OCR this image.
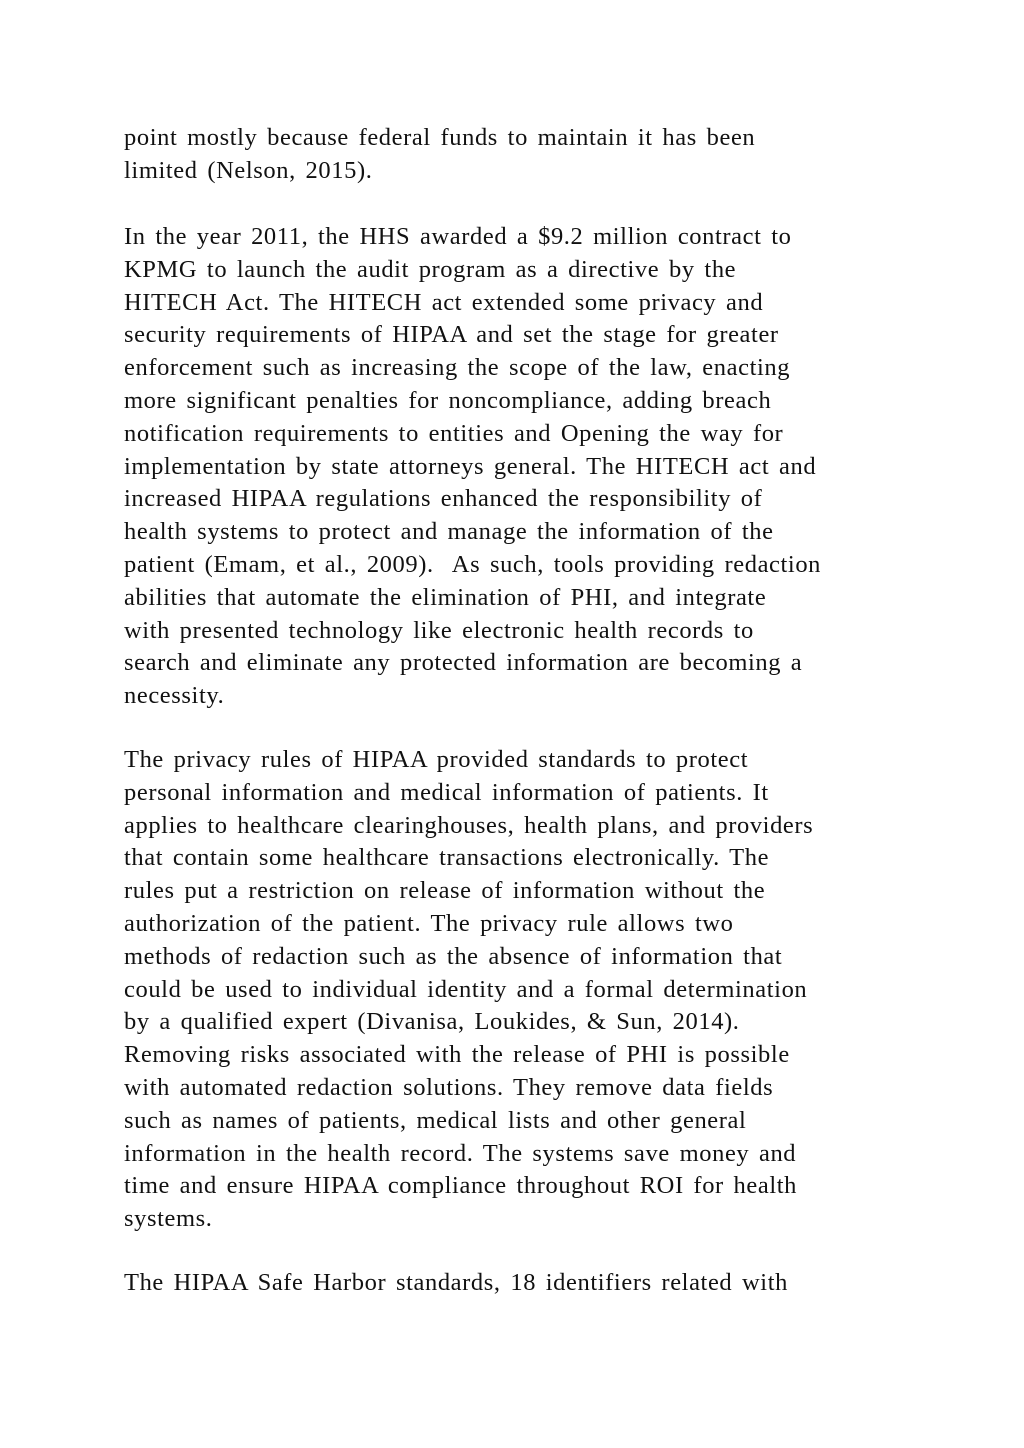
point mostly because federal funds to maintain it has been
limited (Nelson, 2015).
In the year 2011, the HHS awarded a $9.2 million contract to
KPMG to launch the audit program as a directive by the
HITECH Act. The HITECH act extended some privacy and
security requirements of HIPAA and set the stage for greater
enforcement such as increasing the scope of the law, enacting
more significant penalties for noncompliance, adding breach
notification requirements to entities and Opening the way for
implementation by state attorneys general. The HITECH act and
increased HIPAA regulations enhanced the responsibility of
health systems to protect and manage the information of the
patient (Emam, et al., 2009).  As such, tools providing redaction
abilities that automate the elimination of PHI, and integrate
with presented technology like electronic health records to
search and eliminate any protected information are becoming a
necessity.
The privacy rules of HIPAA provided standards to protect
personal information and medical information of patients. It
applies to healthcare clearinghouses, health plans, and providers
that contain some healthcare transactions electronically. The
rules put a restriction on release of information without the
authorization of the patient. The privacy rule allows two
methods of redaction such as the absence of information that
could be used to individual identity and a formal determination
by a qualified expert (Divanisa, Loukides, & Sun, 2014).
Removing risks associated with the release of PHI is possible
with automated redaction solutions. They remove data fields
such as names of patients, medical lists and other general
information in the health record. The systems save money and
time and ensure HIPAA compliance throughout ROI for health
systems.
The HIPAA Safe Harbor standards, 18 identifiers related with
